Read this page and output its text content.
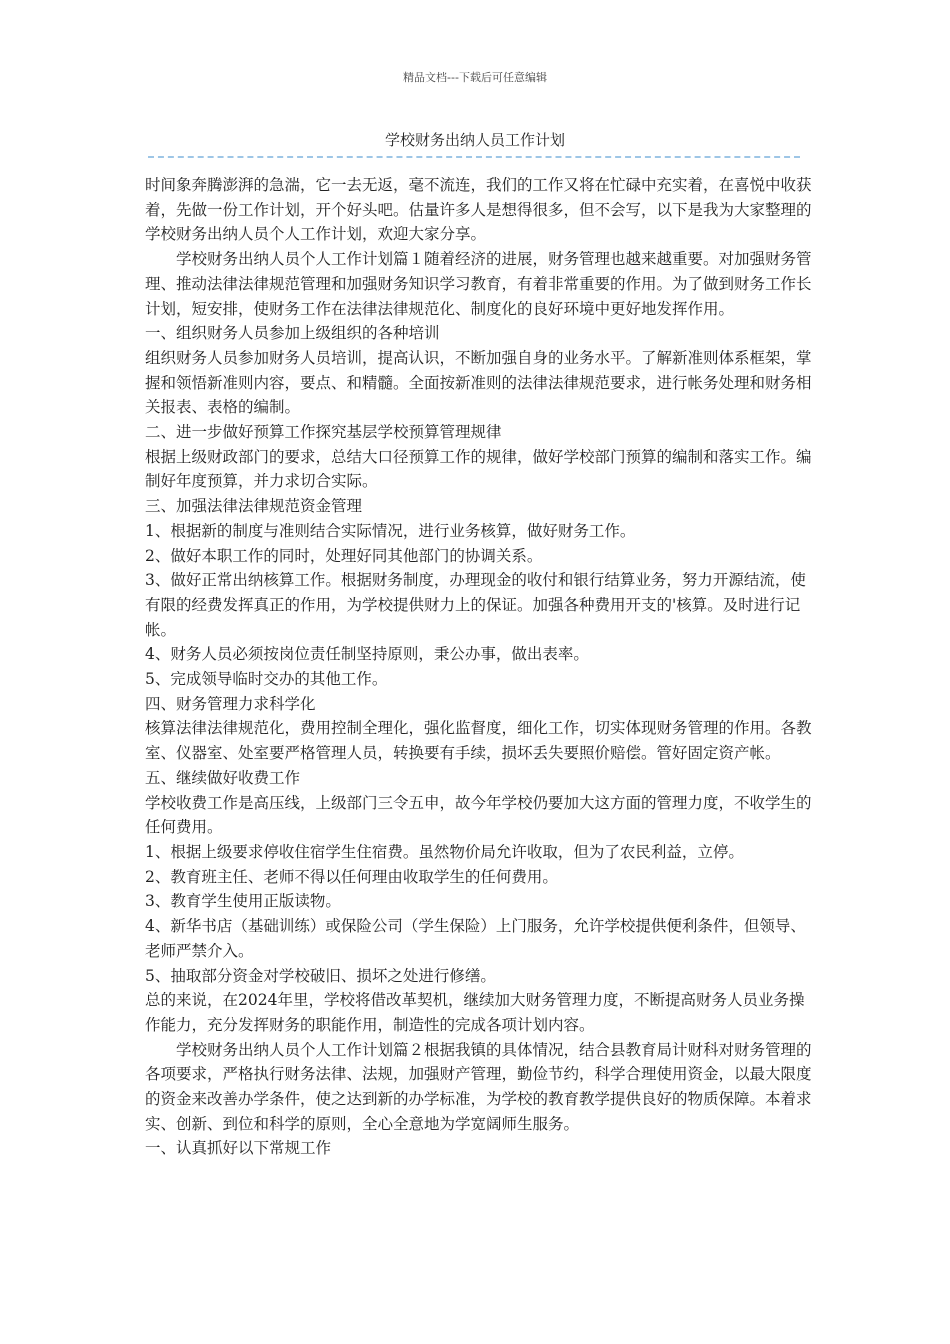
精品文档---下载后可任意编辑
学校财务出纳人员工作计划

时间象奔腾澎湃的急湍，它一去无返，毫不流连，我们的工作又将在忙碌中充实着，在喜悦中收获着，先做一份工作计划，开个好头吧。估量许多人是想得很多，但不会写，以下是我为大家整理的学校财务出纳人员个人工作计划，欢迎大家分享。

学校财务出纳人员个人工作计划篇１随着经济的进展，财务管理也越来越重要。对加强财务管理、推动法律法律规范管理和加强财务知识学习教育，有着非常重要的作用。为了做到财务工作长计划，短安排，使财务工作在法律法律规范化、制度化的良好环境中更好地发挥作用。

一、组织财务人员参加上级组织的各种培训

组织财务人员参加财务人员培训，提高认识，不断加强自身的业务水平。了解新准则体系框架，掌握和领悟新准则内容，要点、和精髓。全面按新准则的法律法律规范要求，进行帐务处理和财务相关报表、表格的编制。

二、进一步做好预算工作探究基层学校预算管理规律

根据上级财政部门的要求，总结大口径预算工作的规律，做好学校部门预算的编制和落实工作。编制好年度预算，并力求切合实际。

三、加强法律法律规范资金管理

1、根据新的制度与准则结合实际情况，进行业务核算，做好财务工作。

2、做好本职工作的同时，处理好同其他部门的协调关系。

3、做好正常出纳核算工作。根据财务制度，办理现金的收付和银行结算业务，努力开源结流，使有限的经费发挥真正的作用，为学校提供财力上的保证。加强各种费用开支的'核算。及时进行记帐。

4、财务人员必须按岗位责任制坚持原则，秉公办事，做出表率。

5、完成领导临时交办的其他工作。

四、财务管理力求科学化

核算法律法律规范化，费用控制全理化，强化监督度，细化工作，切实体现财务管理的作用。各教室、仪器室、处室要严格管理人员，转换要有手续，损坏丢失要照价赔偿。管好固定资产帐。

五、继续做好收费工作

学校收费工作是高压线，上级部门三令五申，故今年学校仍要加大这方面的管理力度，不收学生的任何费用。

1、根据上级要求停收住宿学生住宿费。虽然物价局允许收取，但为了农民利益，立停。

2、教育班主任、老师不得以任何理由收取学生的任何费用。

3、教育学生使用正版读物。

4、新华书店（基础训练）或保险公司（学生保险）上门服务，允许学校提供便利条件，但领导、老师严禁介入。

5、抽取部分资金对学校破旧、损坏之处进行修缮。

总的来说，在2024年里，学校将借改革契机，继续加大财务管理力度，不断提高财务人员业务操作能力，充分发挥财务的职能作用，制造性的完成各项计划内容。

学校财务出纳人员个人工作计划篇２根据我镇的具体情况，结合县教育局计财科对财务管理的各项要求，严格执行财务法律、法规，加强财产管理，勤俭节约，科学合理使用资金，以最大限度的资金来改善办学条件，使之达到新的办学标准，为学校的教育教学提供良好的物质保障。本着求实、创新、到位和科学的原则，全心全意地为学宽阔师生服务。

一、认真抓好以下常规工作
